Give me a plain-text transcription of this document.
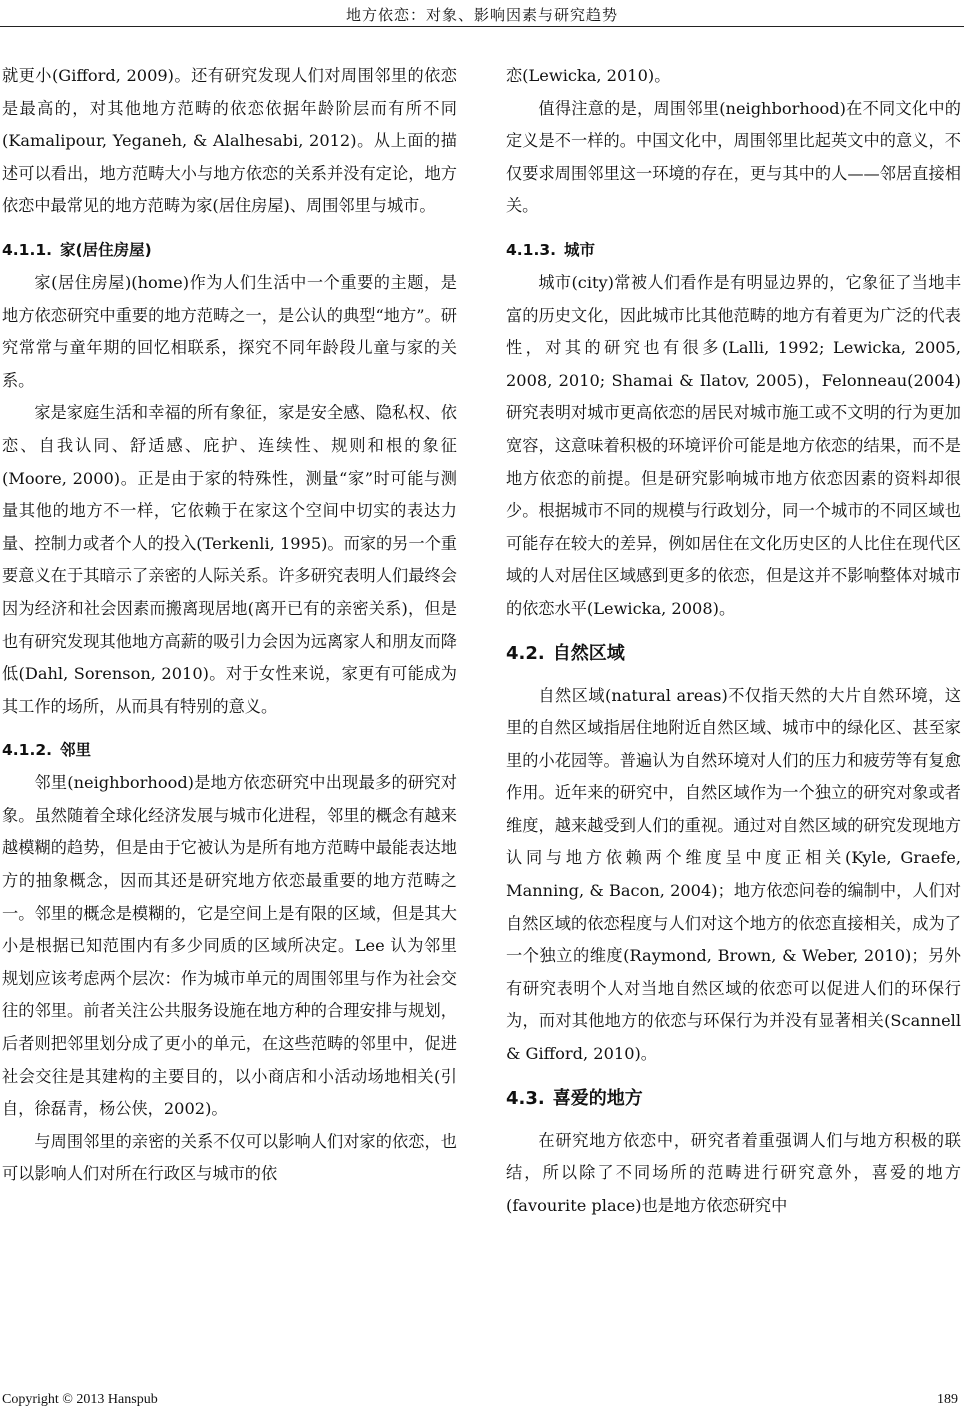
地方依恋：对象、影响因素与研究趋势

就更小(Gifford, 2009)。还有研究发现人们对周围邻里的依恋是最高的，对其他地方范畴的依恋依据年龄阶层而有所不同(Kamalipour, Yeganeh, & Alalhesabi, 2012)。从上面的描述可以看出，地方范畴大小与地方依恋的关系并没有定论，地方依恋中最常见的地方范畴为家(居住房屋)、周围邻里与城市。

4.1.1. 家(居住房屋)

家(居住房屋)(home)作为人们生活中一个重要的主题，是地方依恋研究中重要的地方范畴之一，是公认的典型“地方”。研究常常与童年期的回忆相联系，探究不同年龄段儿童与家的关系。

家是家庭生活和幸福的所有象征，家是安全感、隐私权、依恋、自我认同、舒适感、庇护、连续性、规则和根的象征(Moore, 2000)。正是由于家的特殊性，测量“家”时可能与测量其他的地方不一样，它依赖于在家这个空间中切实的表达力量、控制力或者个人的投入(Terkenli, 1995)。而家的另一个重要意义在于其暗示了亲密的人际关系。许多研究表明人们最终会因为经济和社会因素而搬离现居地(离开已有的亲密关系)，但是也有研究发现其他地方高薪的吸引力会因为远离家人和朋友而降低(Dahl, Sorenson, 2010)。对于女性来说，家更有可能成为其工作的场所，从而具有特别的意义。

4.1.2. 邻里

邻里(neighborhood)是地方依恋研究中出现最多的研究对象。虽然随着全球化经济发展与城市化进程，邻里的概念有越来越模糊的趋势，但是由于它被认为是所有地方范畴中最能表达地方的抽象概念，因而其还是研究地方依恋最重要的地方范畴之一。邻里的概念是模糊的，它是空间上是有限的区域，但是其大小是根据已知范围内有多少同质的区域所决定。Lee 认为邻里规划应该考虑两个层次：作为城市单元的周围邻里与作为社会交往的邻里。前者关注公共服务设施在地方种的合理安排与规划，后者则把邻里划分成了更小的单元，在这些范畴的邻里中，促进社会交往是其建构的主要目的，以小商店和小活动场地相关(引自，徐磊青，杨公侠，2002)。

与周围邻里的亲密的关系不仅可以影响人们对家的依恋，也可以影响人们对所在行政区与城市的依

恋(Lewicka, 2010)。

值得注意的是，周围邻里(neighborhood)在不同文化中的定义是不一样的。中国文化中，周围邻里比起英文中的意义，不仅要求周围邻里这一环境的存在，更与其中的人——邻居直接相关。

4.1.3. 城市

城市(city)常被人们看作是有明显边界的，它象征了当地丰富的历史文化，因此城市比其他范畴的地方有着更为广泛的代表性，对其的研究也有很多(Lalli, 1992; Lewicka, 2005, 2008, 2010; Shamai & Ilatov, 2005)，Felonneau(2004)研究表明对城市更高依恋的居民对城市施工或不文明的行为更加宽容，这意味着积极的环境评价可能是地方依恋的结果，而不是地方依恋的前提。但是研究影响城市地方依恋因素的资料却很少。根据城市不同的规模与行政划分，同一个城市的不同区域也可能存在较大的差异，例如居住在文化历史区的人比住在现代区域的人对居住区域感到更多的依恋，但是这并不影响整体对城市的依恋水平(Lewicka, 2008)。

4.2. 自然区域

自然区域(natural areas)不仅指天然的大片自然环境，这里的自然区域指居住地附近自然区域、城市中的绿化区、甚至家里的小花园等。普遍认为自然环境对人们的压力和疲劳等有复愈作用。近年来的研究中，自然区域作为一个独立的研究对象或者维度，越来越受到人们的重视。通过对自然区域的研究发现地方认同与地方依赖两个维度呈中度正相关(Kyle, Graefe, Manning, & Bacon, 2004)；地方依恋问卷的编制中，人们对自然区域的依恋程度与人们对这个地方的依恋直接相关，成为了一个独立的维度(Raymond, Brown, & Weber, 2010)；另外有研究表明个人对当地自然区域的依恋可以促进人们的环保行为，而对其他地方的依恋与环保行为并没有显著相关(Scannell & Gifford, 2010)。

4.3. 喜爱的地方

在研究地方依恋中，研究者着重强调人们与地方积极的联结，所以除了不同场所的范畴进行研究意外，喜爱的地方(favourite place)也是地方依恋研究中

Copyright © 2013 Hanspub	189
